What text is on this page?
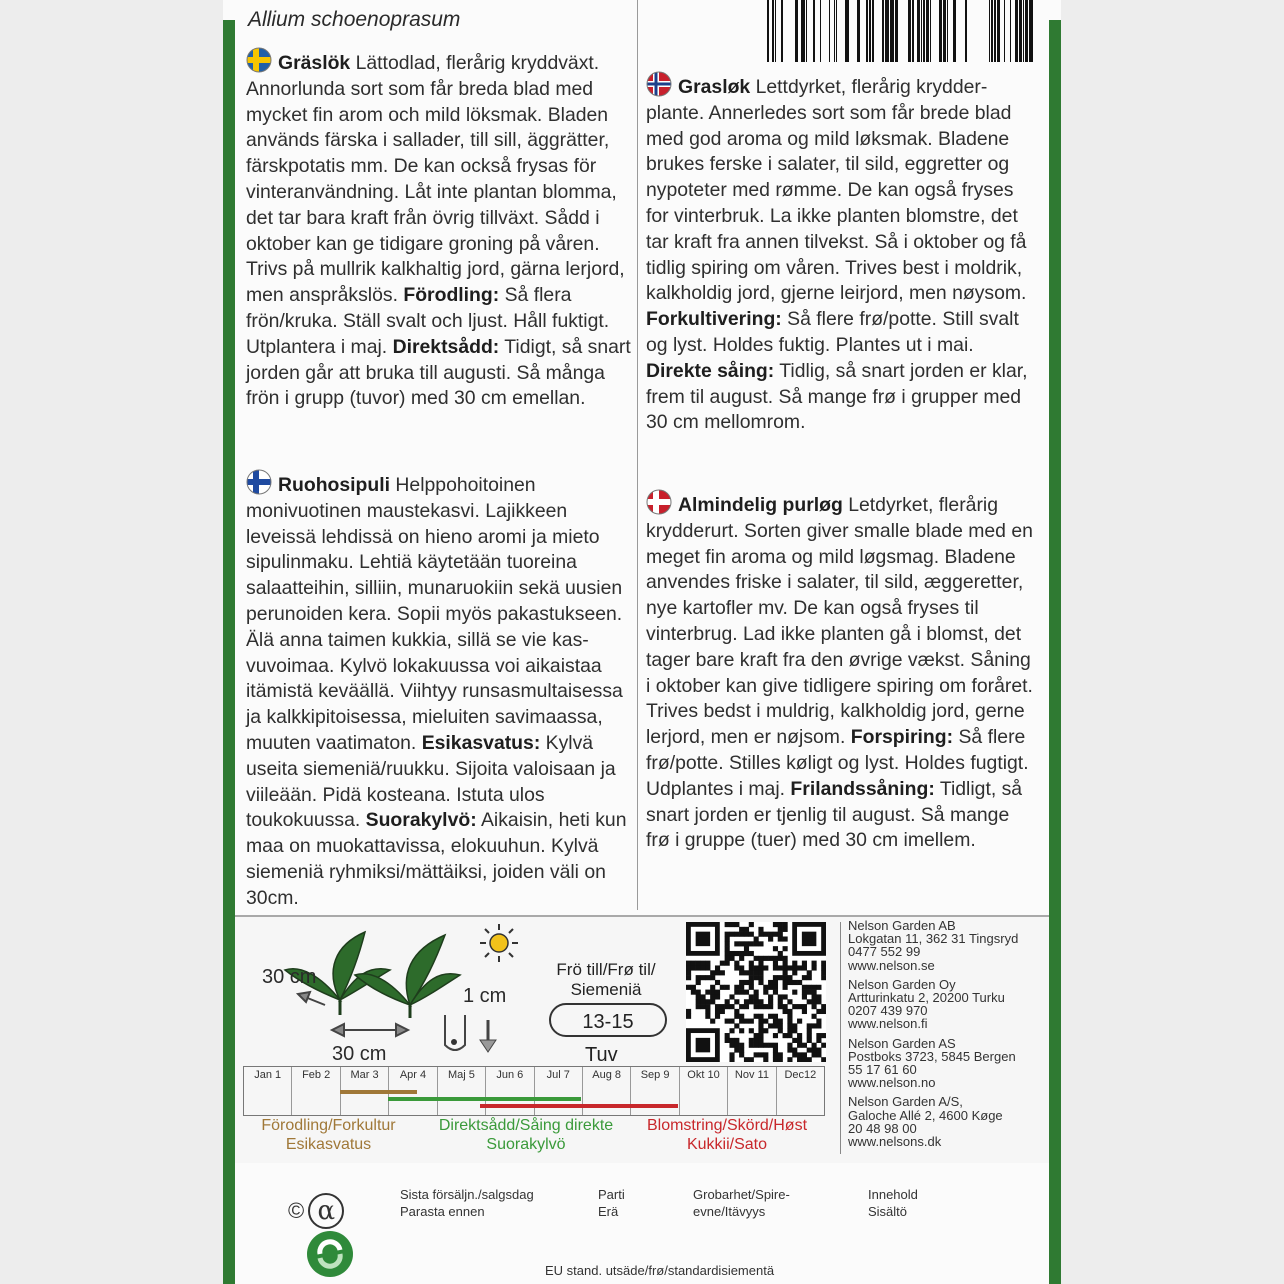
Allium schoenoprasum
Gräslök Lättodlad, flerårig kryddväxt. Annorlunda sort som får breda blad med mycket fin arom och mild löksmak. Bladen används färska i sallader, till sill, äggrätter, färskpotatis mm. De kan också frysas för vinteranvändning. Låt inte plantan blomma, det tar bara kraft från övrig tillväxt. Sådd i oktober kan ge tidigare groning på våren. Trivs på mullrik kalkhaltig jord, gärna lerjord, men anspråkslös. Förodling: Så flera frön/kruka. Ställ svalt och ljust. Håll fuktigt. Utplantera i maj. Direktsådd: Tidigt, så snart jorden går att bruka till augusti. Så många frön i grupp (tuvor) med 30 cm emellan.
Grasløk Lettdyrket, flerårig krydder-plante. Annerledes sort som får brede blad med god aroma og mild løksmak. Bladene brukes ferske i salater, til sild, eggretter og nypoteter med rømme. De kan også fryses for vinterbruk. La ikke planten blomstre, det tar kraft fra annen tilvekst. Så i oktober og få tidlig spiring om våren. Trives best i moldrik, kalkholdig jord, gjerne leirjord, men nøysom. Forkultivering: Så flere frø/potte. Still svalt og lyst. Holdes fuktig. Plantes ut i mai. Direkte såing: Tidlig, så snart jorden er klar, frem til august. Så mange frø i grupper med 30 cm mellomrom.
Ruohosipuli Helppohoitoinen monivuotinen maustekasvi. Lajikkeen leveissä lehdissä on hieno aromi ja mieto sipulinmaku. Lehtiä käytetään tuoreina salaatteihin, silliin, munaruokiin sekä uusien perunoiden kera. Sopii myös pakastukseen. Älä anna taimen kukkia, sillä se vie kas-vuvoimaa. Kylvö lokakuussa voi aikaistaa itämistä keväällä. Viihtyy runsasmultaisessa ja kalkkipitoisessa, mieluiten savimaassa, muuten vaatimaton. Esikasvatus: Kylvä useita siemeniä/ruukku. Sijoita valoisaan ja viileään. Pidä kosteana. Istuta ulos toukokuussa. Suorakylvö: Aikaisin, heti kun maa on muokattavissa, elokuuhun. Kylvä siemeniä ryhmiksi/mättäiksi, joiden väli on 30cm.
Almindelig purløg Letdyrket, flerårig krydderurt. Sorten giver smalle blade med en meget fin aroma og mild løgsmag. Bladene anvendes friske i salater, til sild, æggeretter, nye kartofler mv. De kan også fryses til vinterbrug. Lad ikke planten gå i blomst, det tager bare kraft fra den øvrige vækst. Såning i oktober kan give tidligere spiring om foråret. Trives bedst i muldrig, kalkholdig jord, gerne lerjord, men er nøjsom. Forspiring: Så flere frø/potte. Stilles køligt og lyst. Holdes fugtigt. Udplantes i maj. Frilandssåning: Tidligt, så snart jorden er tjenlig til august. Så mange frø i gruppe (tuer) med 30 cm imellem.
30 cm
30 cm
1 cm
Frö till/Frø til/
Siemeniä
13-15
Tuv
Nelson Garden AB
Lokgatan 11, 362 31 Tingsryd
0477 552 99
www.nelson.se
Nelson Garden Oy
Artturinkatu 2, 20200 Turku
0207 439 970
www.nelson.fi
Nelson Garden AS
Postboks 3723, 5845 Bergen
55 17 61 60
www.nelson.no
Nelson Garden A/S,
Galoche Allé 2, 4600 Køge
20 48 98 00
www.nelsons.dk
Jan 1	Feb 2	Mar 3	Apr 4	Maj 5	Jun 6	Jul 7	Aug 8	Sep 9	Okt 10	Nov 11	Dec12
Förodling/Forkultur
Esikasvatus
Direktsådd/Såing direkte
Suorakylvö
Blomstring/Skörd/Høst
Kukkii/Sato
© α
Sista försäljn./salgsdag
Parasta ennen
Parti
Erä
Grobarhet/Spire-
evne/Itävyys
Innehold
Sisältö
EU stand. utsäde/frø/standardisiementä
